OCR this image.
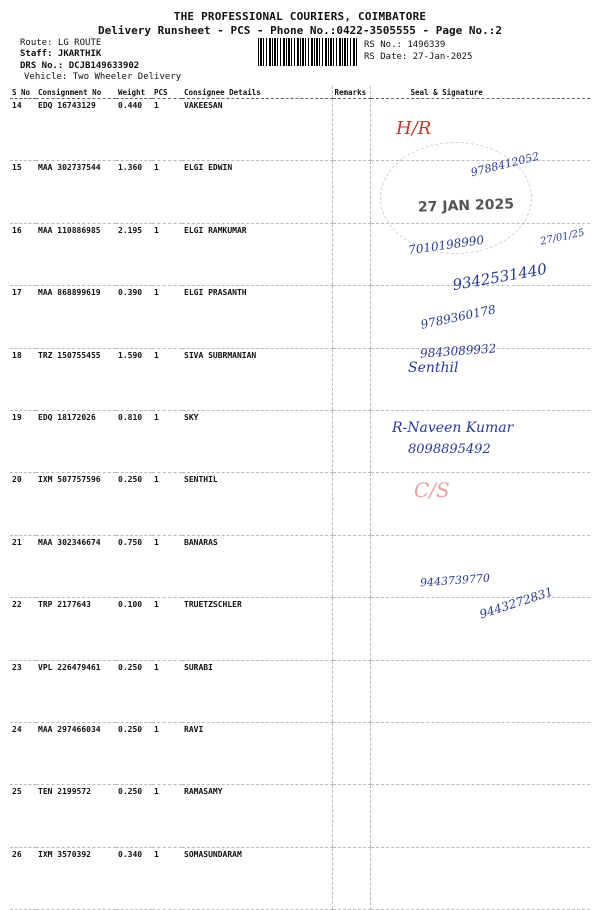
THE PROFESSIONAL COURIERS, COIMBATORE
Delivery Runsheet - PCS - Phone No.:0422-3505555 - Page No.:2
Route: LG ROUTE
Staff: JKARTHIK
DRS No.: DCJB149633902
Vehicle: Two Wheeler Delivery
RS No.: 1496339
RS Date: 27-Jan-2025
S No	Consignment No	Weight	PCS	Consignee Details	Remarks	Seal & Signature
14	EDQ 16743129	0.440	1	VAKEESAN		
15	MAA 302737544	1.360	1	ELGI EDWIN		
16	MAA 110886985	2.195	1	ELGI RAMKUMAR		
17	MAA 868899619	0.390	1	ELGI PRASANTH		
18	TRZ 150755455	1.590	1	SIVA SUBRMANIAN		
19	EDQ 18172026	0.810	1	SKY		
20	IXM 507757596	0.250	1	SENTHIL		
21	MAA 302346674	0.750	1	BANARAS		
22	TRP 2177643	0.100	1	TRUETZSCHLER		
23	VPL 226479461	0.250	1	SURABI		
24	MAA 297466034	0.250	1	RAVI		
25	TEN 2199572	0.250	1	RAMASAMY		
26	IXM 3570392	0.340	1	SOMASUNDARAM		
27 JAN 2025
H/R
9788412052
7010198990	27/01/25
9342531440
9789360178
9843089932
Senthil
R-Naveen Kumar
8098895492
C/S
9443739770
9443272831
